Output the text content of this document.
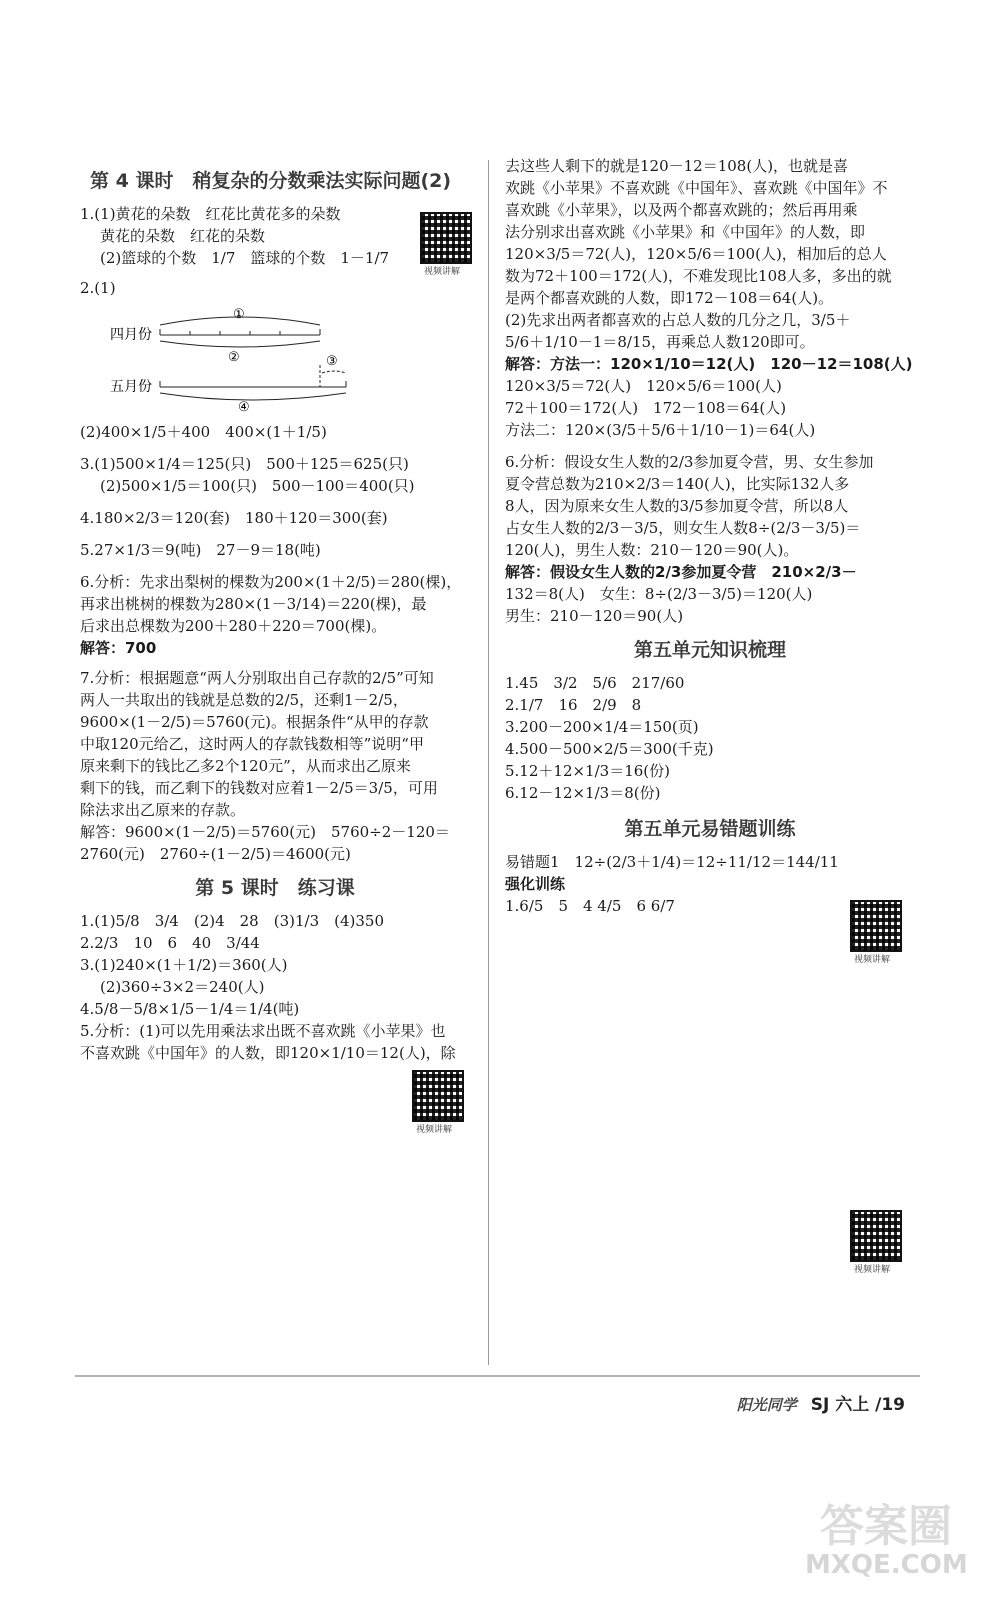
第 4 课时　稍复杂的分数乘法实际问题(2)

1.(1)黄花的朵数　红花比黄花多的朵数

黄花的朵数　红花的朵数

(2)篮球的个数　1/7　篮球的个数　1－1/7

2.(1)

四月份
五月份
①
②	③
④

(2)400×1/5＋400　400×(1＋1/5)

3.(1)500×1/4＝125(只)　500＋125＝625(只)

(2)500×1/5＝100(只)　500－100＝400(只)

4.180×2/3＝120(套)　180＋120＝300(套)

5.27×1/3＝9(吨)　27－9＝18(吨)

6.分析：先求出梨树的棵数为200×(1＋2/5)＝280(棵)，

再求出桃树的棵数为280×(1－3/14)＝220(棵)，最

后求出总棵数为200＋280＋220＝700(棵)。

解答：700

7.分析：根据题意“两人分别取出自己存款的2/5”可知

两人一共取出的钱就是总数的2/5，还剩1－2/5，

9600×(1－2/5)＝5760(元)。根据条件“从甲的存款

中取120元给乙，这时两人的存款钱数相等”说明“甲

原来剩下的钱比乙多2个120元”，从而求出乙原来

剩下的钱，而乙剩下的钱数对应着1－2/5＝3/5，可用

除法求出乙原来的存款。

解答：9600×(1－2/5)＝5760(元)　5760÷2－120＝

2760(元)　2760÷(1－2/5)＝4600(元)

第 5 课时　练习课

1.(1)5/8　3/4　(2)4　28　(3)1/3　(4)350

2.2/3　10　6　40　3/44

3.(1)240×(1＋1/2)＝360(人)

(2)360÷3×2＝240(人)

4.5/8－5/8×1/5－1/4＝1/4(吨)

5.分析：(1)可以先用乘法求出既不喜欢跳《小苹果》也

不喜欢跳《中国年》的人数，即120×1/10＝12(人)，除

去这些人剩下的就是120－12＝108(人)，也就是喜

欢跳《小苹果》不喜欢跳《中国年》、喜欢跳《中国年》不

喜欢跳《小苹果》，以及两个都喜欢跳的；然后再用乘

法分别求出喜欢跳《小苹果》和《中国年》的人数，即

120×3/5＝72(人)，120×5/6＝100(人)，相加后的总人

数为72＋100＝172(人)，不难发现比108人多，多出的就

是两个都喜欢跳的人数，即172－108＝64(人)。

(2)先求出两者都喜欢的占总人数的几分之几，3/5＋

5/6＋1/10－1＝8/15，再乘总人数120即可。

解答：方法一：120×1/10＝12(人)　120－12＝108(人)

120×3/5＝72(人)　120×5/6＝100(人)

72＋100＝172(人)　172－108＝64(人)

方法二：120×(3/5＋5/6＋1/10－1)＝64(人)

6.分析：假设女生人数的2/3参加夏令营，男、女生参加

夏令营总数为210×2/3＝140(人)，比实际132人多

8人，因为原来女生人数的3/5参加夏令营，所以8人

占女生人数的2/3－3/5，则女生人数8÷(2/3－3/5)＝

120(人)，男生人数：210－120＝90(人)。

解答：假设女生人数的2/3参加夏令营　210×2/3－

132＝8(人)　女生：8÷(2/3－3/5)＝120(人)

男生：210－120＝90(人)

第五单元知识梳理

1.45　3/2　5/6　217/60

2.1/7　16　2/9　8

3.200－200×1/4＝150(页)

4.500－500×2/5＝300(千克)

5.12＋12×1/3＝16(份)

6.12－12×1/3＝8(份)

第五单元易错题训练

易错题1　12÷(2/3＋1/4)＝12÷11/12＝144/11

强化训练

1.6/5　5　4 4/5　6 6/7

视频讲解
视频讲解
视频讲解
视频讲解
阳光同学 SJ 六上 /19
答案圈
MXQE.COM
